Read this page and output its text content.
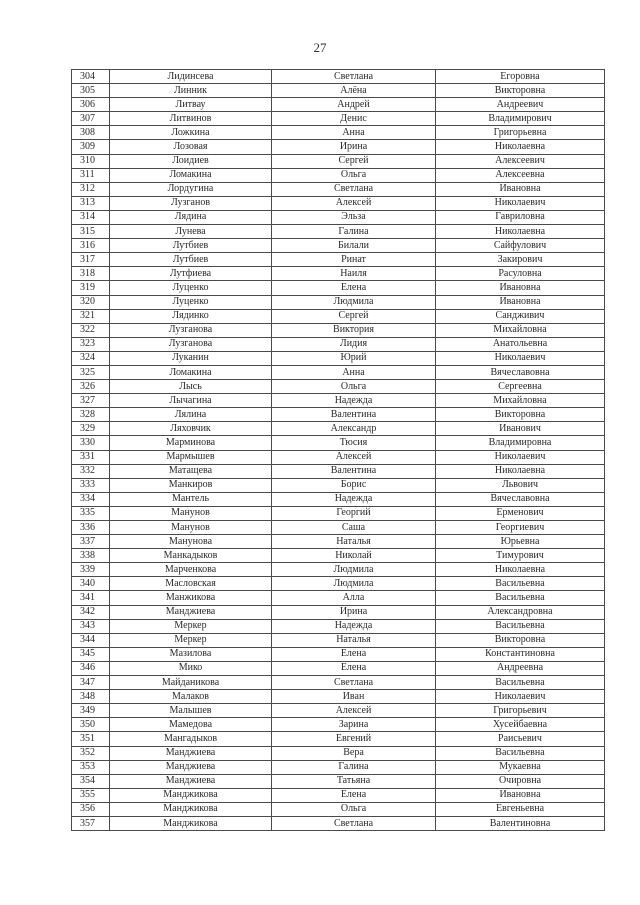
27
304	Лидинсева	Светлана	Егоровна
305	Линник	Алёна	Викторовна
306	Литвау	Андрей	Андреевич
307	Литвинов	Денис	Владимирович
308	Ложкина	Анна	Григорьевна
309	Лозовая	Ирина	Николаевна
310	Лоидиев	Сергей	Алексеевич
311	Ломакина	Ольга	Алексеевна
312	Лордугина	Светлана	Ивановна
313	Лузганов	Алексей	Николаевич
314	Лядина	Эльза	Гавриловна
315	Лунева	Галина	Николаевна
316	Лутбиев	Билали	Сайфулович
317	Лутбиев	Ринат	Закирович
318	Лутфиева	Наиля	Расуловна
319	Луценко	Елена	Ивановна
320	Луценко	Людмила	Ивановна
321	Лядинко	Сергей	Сандживич
322	Лузганова	Виктория	Михайловна
323	Лузганова	Лидия	Анатольевна
324	Луканин	Юрий	Николаевич
325	Ломакина	Анна	Вячеславовна
326	Лысь	Ольга	Сергеевна
327	Лычагина	Надежда	Михайловна
328	Лялина	Валентина	Викторовна
329	Ляховчик	Александр	Иванович
330	Марминова	Тюсия	Владимировна
331	Мармышев	Алексей	Николаевич
332	Матащева	Валентина	Николаевна
333	Манкиров	Борис	Львович
334	Мантель	Надежда	Вячеславовна
335	Манунов	Георгий	Ерменович
336	Манунов	Саша	Георгиевич
337	Манунова	Наталья	Юрьевна
338	Манкадыков	Николай	Тимурович
339	Марченкова	Людмила	Николаевна
340	Масловская	Людмила	Васильевна
341	Манжикова	Алла	Васильевна
342	Манджиева	Ирина	Александровна
343	Меркер	Надежда	Васильевна
344	Меркер	Наталья	Викторовна
345	Мазилова	Елена	Константиновна
346	Мико	Елена	Андреевна
347	Майданикова	Светлана	Васильевна
348	Малаков	Иван	Николаевич
349	Малышев	Алексей	Григорьевич
350	Мамедова	Зарина	Хусейбаевна
351	Мангадыков	Евгений	Раисьевич
352	Манджиева	Вера	Васильевна
353	Манджиева	Галина	Мукаевна
354	Манджиева	Татьяна	Очировна
355	Манджикова	Елена	Ивановна
356	Манджикова	Ольга	Евгеньевна
357	Манджикова	Светлана	Валентиновна
